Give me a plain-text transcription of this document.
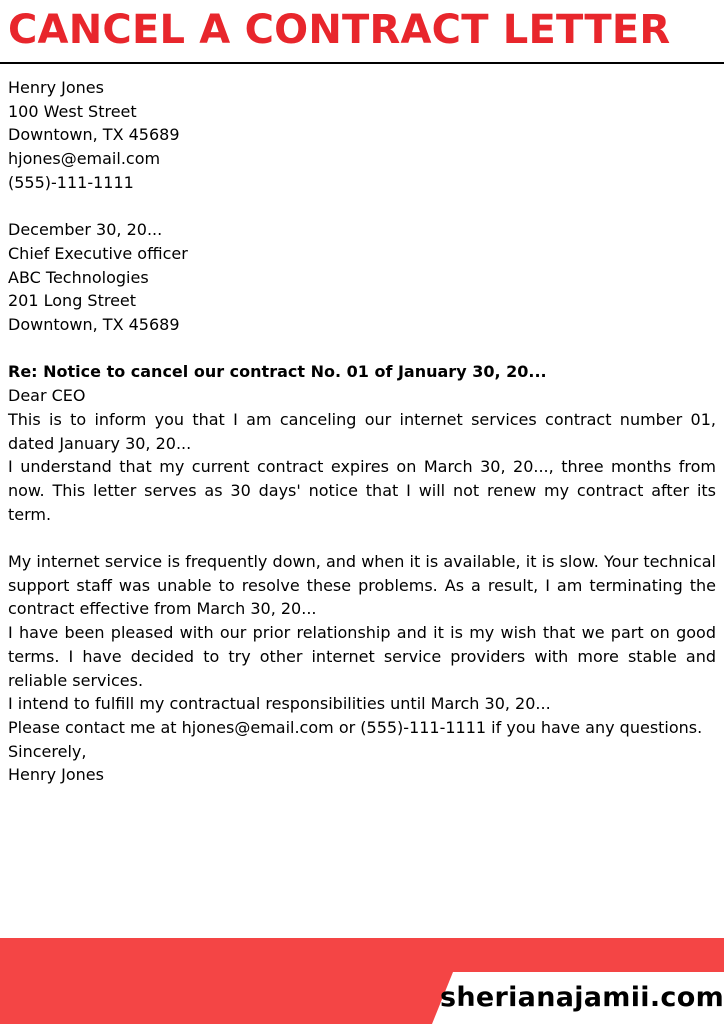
CANCEL A CONTRACT LETTER

Henry Jones

100 West Street

Downtown, TX 45689

hjones@email.com

(555)-111-1111

December 30, 20...

Chief Executive officer

ABC Technologies

201 Long Street

Downtown, TX 45689

Re: Notice to cancel our contract No. 01 of January 30, 20...

Dear CEO

This is to inform you that I am canceling our internet services contract number 01, dated January 30, 20...

I understand that my current contract expires on March 30, 20..., three months from now. This letter serves as 30 days' notice that I will not renew my contract after its term.

My internet service is frequently down, and when it is available, it is slow. Your technical support staff was unable to resolve these problems. As a result, I am terminating the contract effective from March 30, 20...

I have been pleased with our prior relationship and it is my wish that we part on good terms. I have decided to try other internet service providers with more stable and reliable services.

I intend to fulfill my contractual responsibilities until March 30, 20...

Please contact me at hjones@email.com or (555)-111-1111 if you have any questions.

Sincerely,

Henry Jones

sherianajamii.com
